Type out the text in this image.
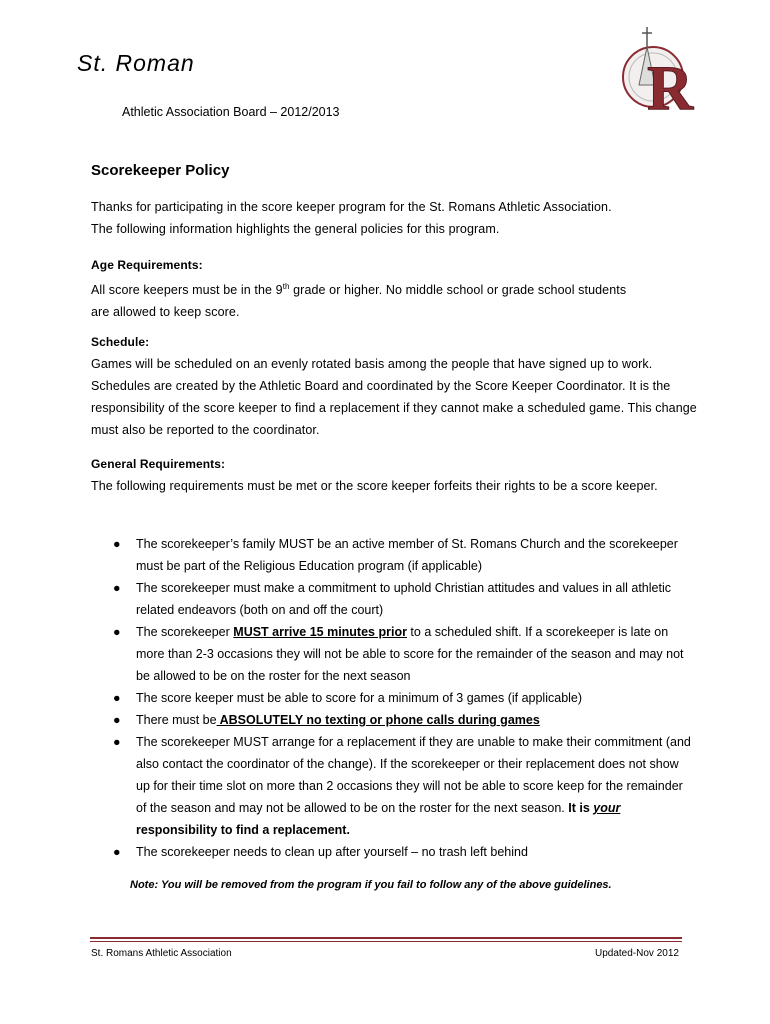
St. Roman
Athletic Association Board – 2012/2013	R
Scorekeeper Policy
Thanks for participating in the score keeper program for the St. Romans Athletic Association.
The following information highlights the general policies for this program.
Age Requirements:
All score keepers must be in the 9th grade or higher. No middle school or grade school students
are allowed to keep score.
Schedule:
Games will be scheduled on an evenly rotated basis among the people that have signed up to work. Schedules are created by the Athletic Board and coordinated by the Score Keeper Coordinator. It is the responsibility of the score keeper to find a replacement if they cannot make a scheduled game. This change must also be reported to the coordinator.
General Requirements:
The following requirements must be met or the score keeper forfeits their rights to be a score keeper.
● The scorekeeper’s family MUST be an active member of St. Romans Church and the scorekeeper must be part of the Religious Education program (if applicable)
● The scorekeeper must make a commitment to uphold Christian attitudes and values in all athletic related endeavors (both on and off the court)
● The scorekeeper MUST arrive 15 minutes prior to a scheduled shift. If a scorekeeper is late on more than 2-3 occasions they will not be able to score for the remainder of the season and may not be allowed to be on the roster for the next season
● The score keeper must be able to score for a minimum of 3 games (if applicable)
● There must be ABSOLUTELY no texting or phone calls during games
● The scorekeeper MUST arrange for a replacement if they are unable to make their commitment (and also contact the coordinator of the change). If the scorekeeper or their replacement does not show up for their time slot on more than 2 occasions they will not be able to score keep for the remainder of the season and may not be allowed to be on the roster for the next season. It is your responsibility to find a replacement.
● The scorekeeper needs to clean up after yourself – no trash left behind
Note: You will be removed from the program if you fail to follow any of the above guidelines.
St. Romans Athletic Association	Updated-Nov 2012
